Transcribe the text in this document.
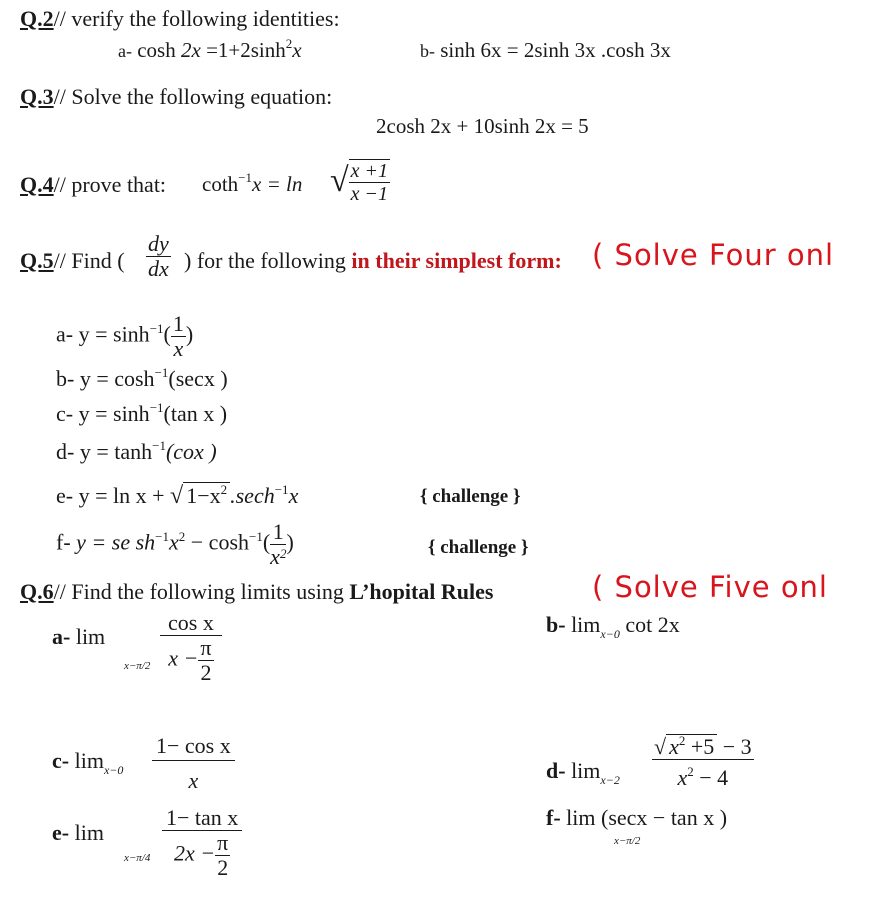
Q.2// verify the following identities:
a- $\cosh 2x =1+2\sinh^2x$	b- sinh 6x = 2sinh 3x .cosh 3x
Q.3// Solve the following equation:
2cosh 2x + 10sinh 2x = 5
Q.4// prove that: coth$^{-1}$x = ln √ $\frac{x +1}{x -1}$
Q.5// Find ( $\frac{dy}{dx}$ ) for the following in their simplest form: ( Solve Four onl
a- $y = \sinh^{-1}( \frac{1}{x}$ )
b- $y = \cosh^{-1}(\sec x$ )
c- $y = \sinh^{-1}(\tan$ x )
d- $y = \tanh^{-1}(cox$ )
e- y = ln x + √ $1-x^2$ .sech$^{-1}$x	{ challenge }
f- y = se $sh^{-1}x^2 - \cosh^{-1}( \frac{1}{x^2}$ )	{ challenge }
Q.6// Find the following limits using L’hopital Rules	( Solve Five onl
a- lim
$x-\pi/2 \frac{\text{cos x}}{x - \frac{\pi}{2}}$	b- $\lim_{x-0} \cot 2x$
c- $\lim_{x-0} \frac{\text{1− cos x}}{x}$	d- $\lim_{x-2} \frac{√ x^2 +5 - 3}{x^2 - 4}$
e- lim
$x-\pi/4 \frac{\text{1− tan x}}{2x - \frac{\pi}{2}}$	f- lim (secx − tan x )
x−π/2
